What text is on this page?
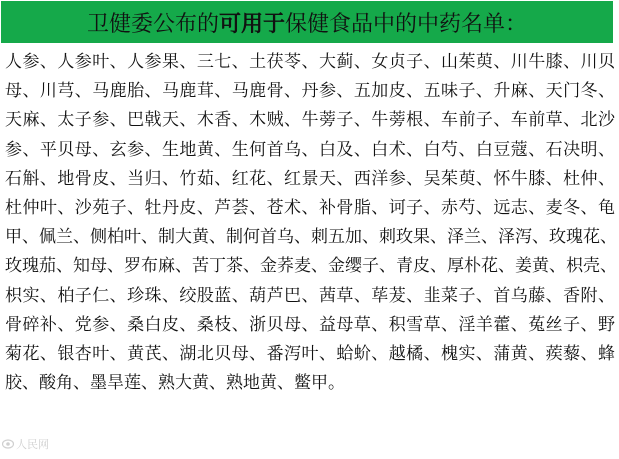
卫健委公布的可用于保健食品中的中药名单：
人参、人参叶、人参果、三七、土茯苓、大蓟、女贞子、山茱萸、川牛膝、川贝
母、川芎、马鹿胎、马鹿茸、马鹿骨、丹参、五加皮、五味子、升麻、天门冬、
天麻、太子参、巴戟天、木香、木贼、牛蒡子、牛蒡根、车前子、车前草、北沙
参、平贝母、玄参、生地黄、生何首乌、白及、白术、白芍、白豆蔻、石决明、
石斛、地骨皮、当归、竹茹、红花、红景天、西洋参、吴茱萸、怀牛膝、杜仲、
杜仲叶、沙苑子、牡丹皮、芦荟、苍术、补骨脂、诃子、赤芍、远志、麦冬、龟
甲、佩兰、侧柏叶、制大黄、制何首乌、刺五加、刺玫果、泽兰、泽泻、玫瑰花、
玫瑰茄、知母、罗布麻、苦丁茶、金荞麦、金缨子、青皮、厚朴花、姜黄、枳壳、
枳实、柏子仁、珍珠、绞股蓝、葫芦巴、茜草、荜茇、韭菜子、首乌藤、香附、
骨碎补、党参、桑白皮、桑枝、浙贝母、益母草、积雪草、淫羊藿、菟丝子、野
菊花、银杏叶、黄芪、湖北贝母、番泻叶、蛤蚧、越橘、槐实、蒲黄、蒺藜、蜂
胶、酸角、墨旱莲、熟大黄、熟地黄、鳖甲。
人民网
